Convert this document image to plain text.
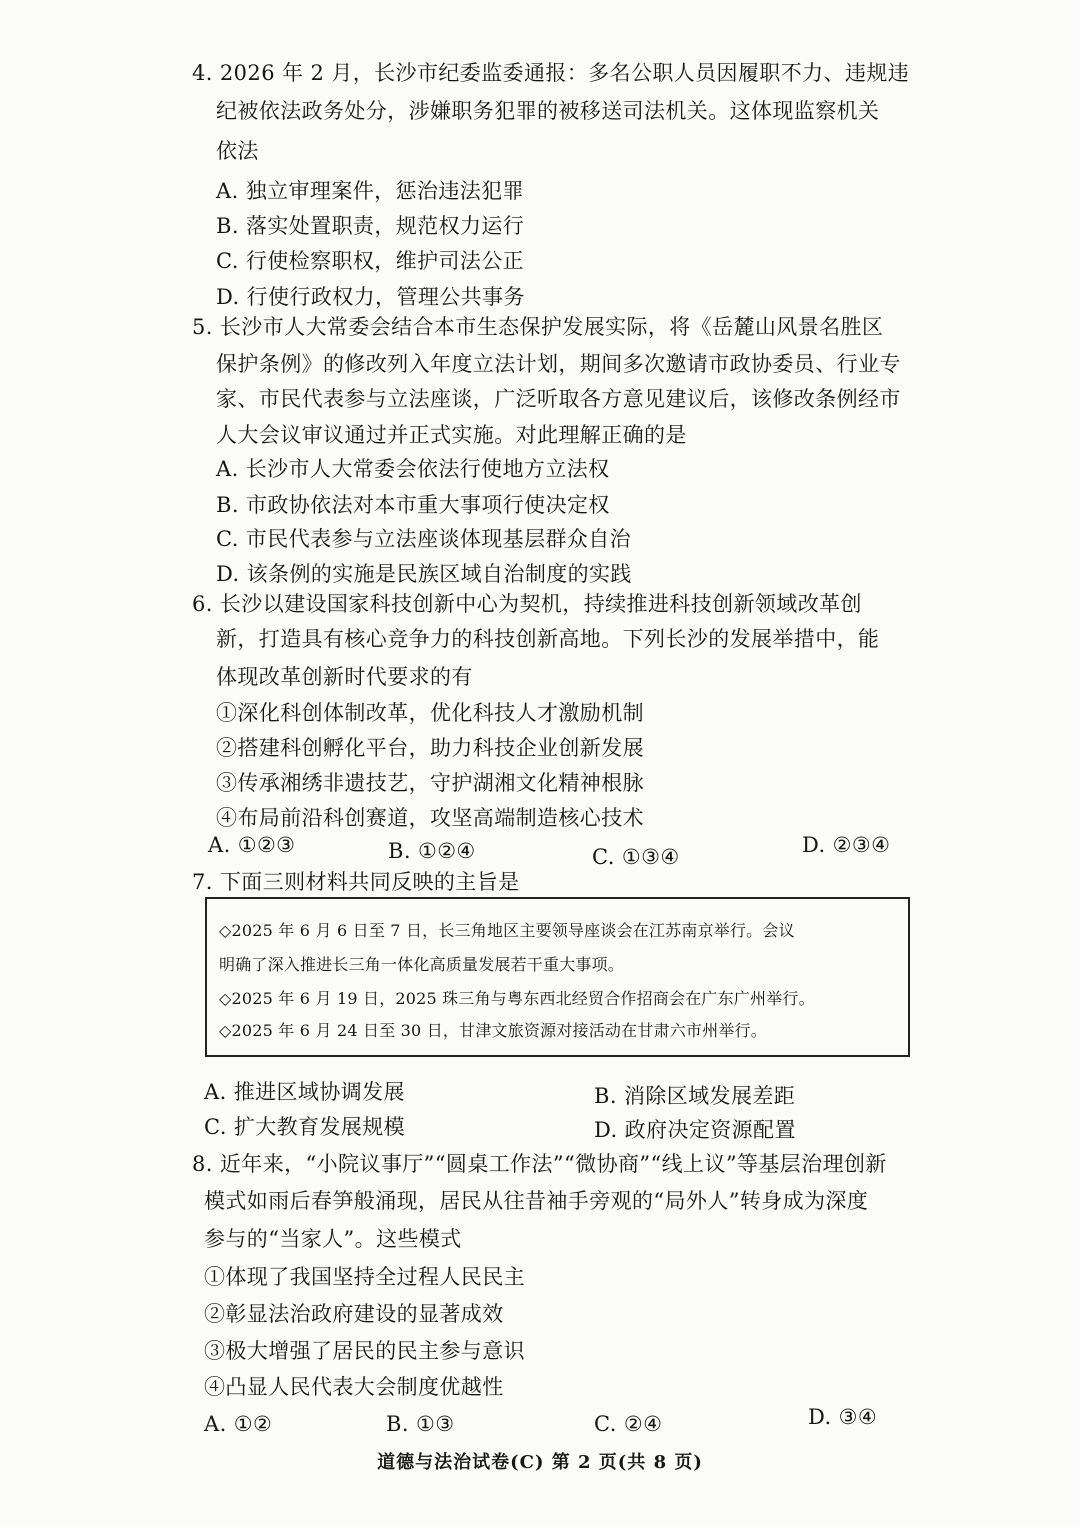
4. 2026 年 2 月，长沙市纪委监委通报：多名公职人员因履职不力、违规违
纪被依法政务处分，涉嫌职务犯罪的被移送司法机关。这体现监察机关
依法
A. 独立审理案件，惩治违法犯罪
B. 落实处置职责，规范权力运行
C. 行使检察职权，维护司法公正
D. 行使行政权力，管理公共事务
5. 长沙市人大常委会结合本市生态保护发展实际，将《岳麓山风景名胜区
保护条例》的修改列入年度立法计划，期间多次邀请市政协委员、行业专
家、市民代表参与立法座谈，广泛听取各方意见建议后，该修改条例经市
人大会议审议通过并正式实施。对此理解正确的是
A. 长沙市人大常委会依法行使地方立法权
B. 市政协依法对本市重大事项行使决定权
C. 市民代表参与立法座谈体现基层群众自治
D. 该条例的实施是民族区域自治制度的实践
6. 长沙以建设国家科技创新中心为契机，持续推进科技创新领域改革创
新，打造具有核心竞争力的科技创新高地。下列长沙的发展举措中，能
体现改革创新时代要求的有
①深化科创体制改革，优化科技人才激励机制
②搭建科创孵化平台，助力科技企业创新发展
③传承湘绣非遗技艺，守护湖湘文化精神根脉
④布局前沿科创赛道，攻坚高端制造核心技术
A. ①②③	B. ①②④	C. ①③④	D. ②③④
7. 下面三则材料共同反映的主旨是
◇2025 年 6 月 6 日至 7 日，长三角地区主要领导座谈会在江苏南京举行。会议
明确了深入推进长三角一体化高质量发展若干重大事项。
◇2025 年 6 月 19 日，2025 珠三角与粤东西北经贸合作招商会在广东广州举行。
◇2025 年 6 月 24 日至 30 日，甘津文旅资源对接活动在甘肃六市州举行。
A. 推进区域协调发展	B. 消除区域发展差距
C. 扩大教育发展规模	D. 政府决定资源配置
8. 近年来，“小院议事厅”“圆桌工作法”“微协商”“线上议”等基层治理创新
模式如雨后春笋般涌现，居民从往昔袖手旁观的“局外人”转身成为深度
参与的“当家人”。这些模式
①体现了我国坚持全过程人民民主
②彰显法治政府建设的显著成效
③极大增强了居民的民主参与意识
④凸显人民代表大会制度优越性
A. ①②	B. ①③	C. ②④	D. ③④
道德与法治试卷(C) 第 2 页(共 8 页)
